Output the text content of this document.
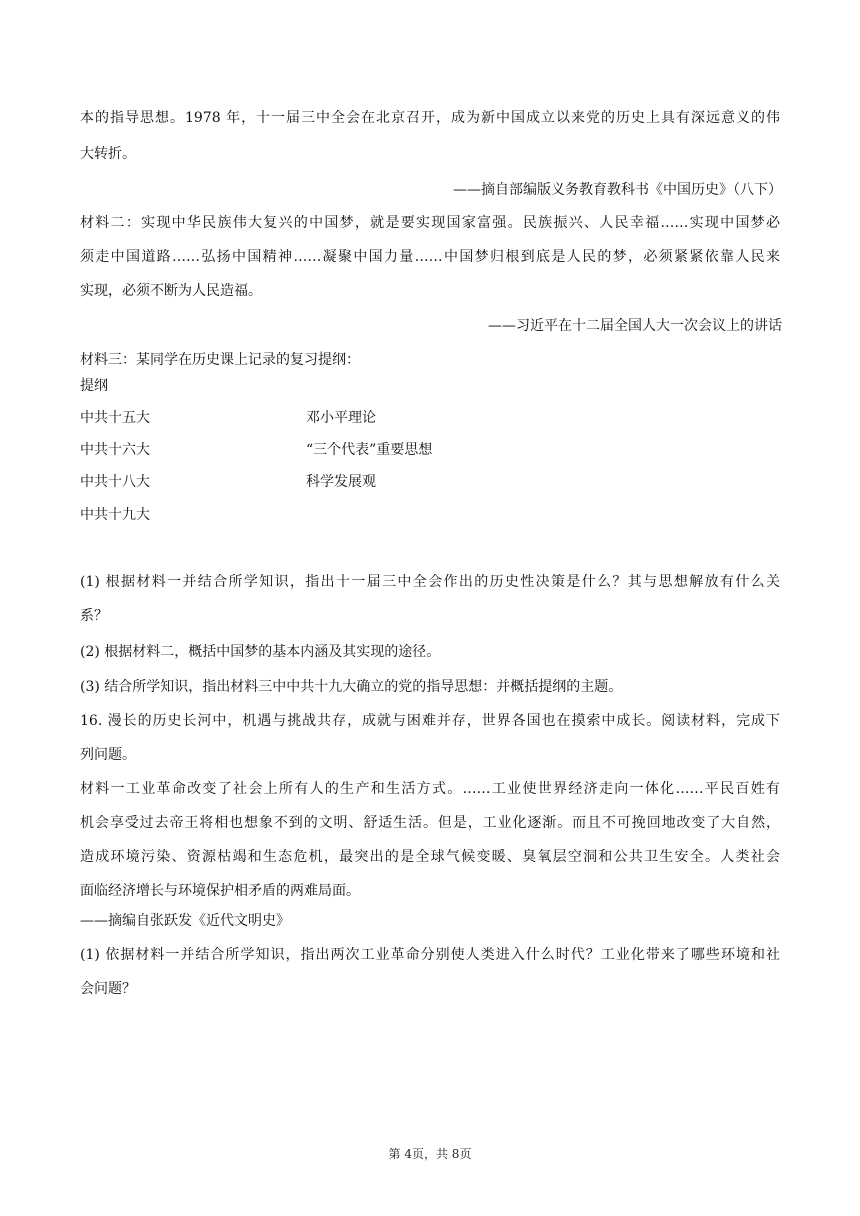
本的指导思想。1978 年，十一届三中全会在北京召开，成为新中国成立以来党的历史上具有深远意义的伟
大转折。
——摘自部编版义务教育教科书《中国历史》（八下）
材料二：实现中华民族伟大复兴的中国梦，就是要实现国家富强。民族振兴、人民幸福……实现中国梦必
须走中国道路……弘扬中国精神……凝聚中国力量……中国梦归根到底是人民的梦，必须紧紧依靠人民来
实现，必须不断为人民造福。
——习近平在十二届全国人大一次会议上的讲话
材料三：某同学在历史课上记录的复习提纲：
提纲
中共十五大	邓小平理论
中共十六大	“三个代表”重要思想
中共十八大	科学发展观
中共十九大
(1) 根据材料一并结合所学知识，指出十一届三中全会作出的历史性决策是什么？其与思想解放有什么关
系？
(2) 根据材料二，概括中国梦的基本内涵及其实现的途径。
(3) 结合所学知识，指出材料三中中共十九大确立的党的指导思想：并概括提纲的主题。
16. 漫长的历史长河中，机遇与挑战共存，成就与困难并存，世界各国也在摸索中成长。阅读材料，完成下
列问题。
材料一工业革命改变了社会上所有人的生产和生活方式。……工业使世界经济走向一体化……平民百姓有
机会享受过去帝王将相也想象不到的文明、舒适生活。但是，工业化逐渐。而且不可挽回地改变了大自然，
造成环境污染、资源枯竭和生态危机，最突出的是全球气候变暖、臭氧层空洞和公共卫生安全。人类社会
面临经济增长与环境保护相矛盾的两难局面。
——摘编自张跃发《近代文明史》
(1) 依据材料一并结合所学知识，指出两次工业革命分别使人类进入什么时代？工业化带来了哪些环境和社
会问题？
第 4页，共 8页
